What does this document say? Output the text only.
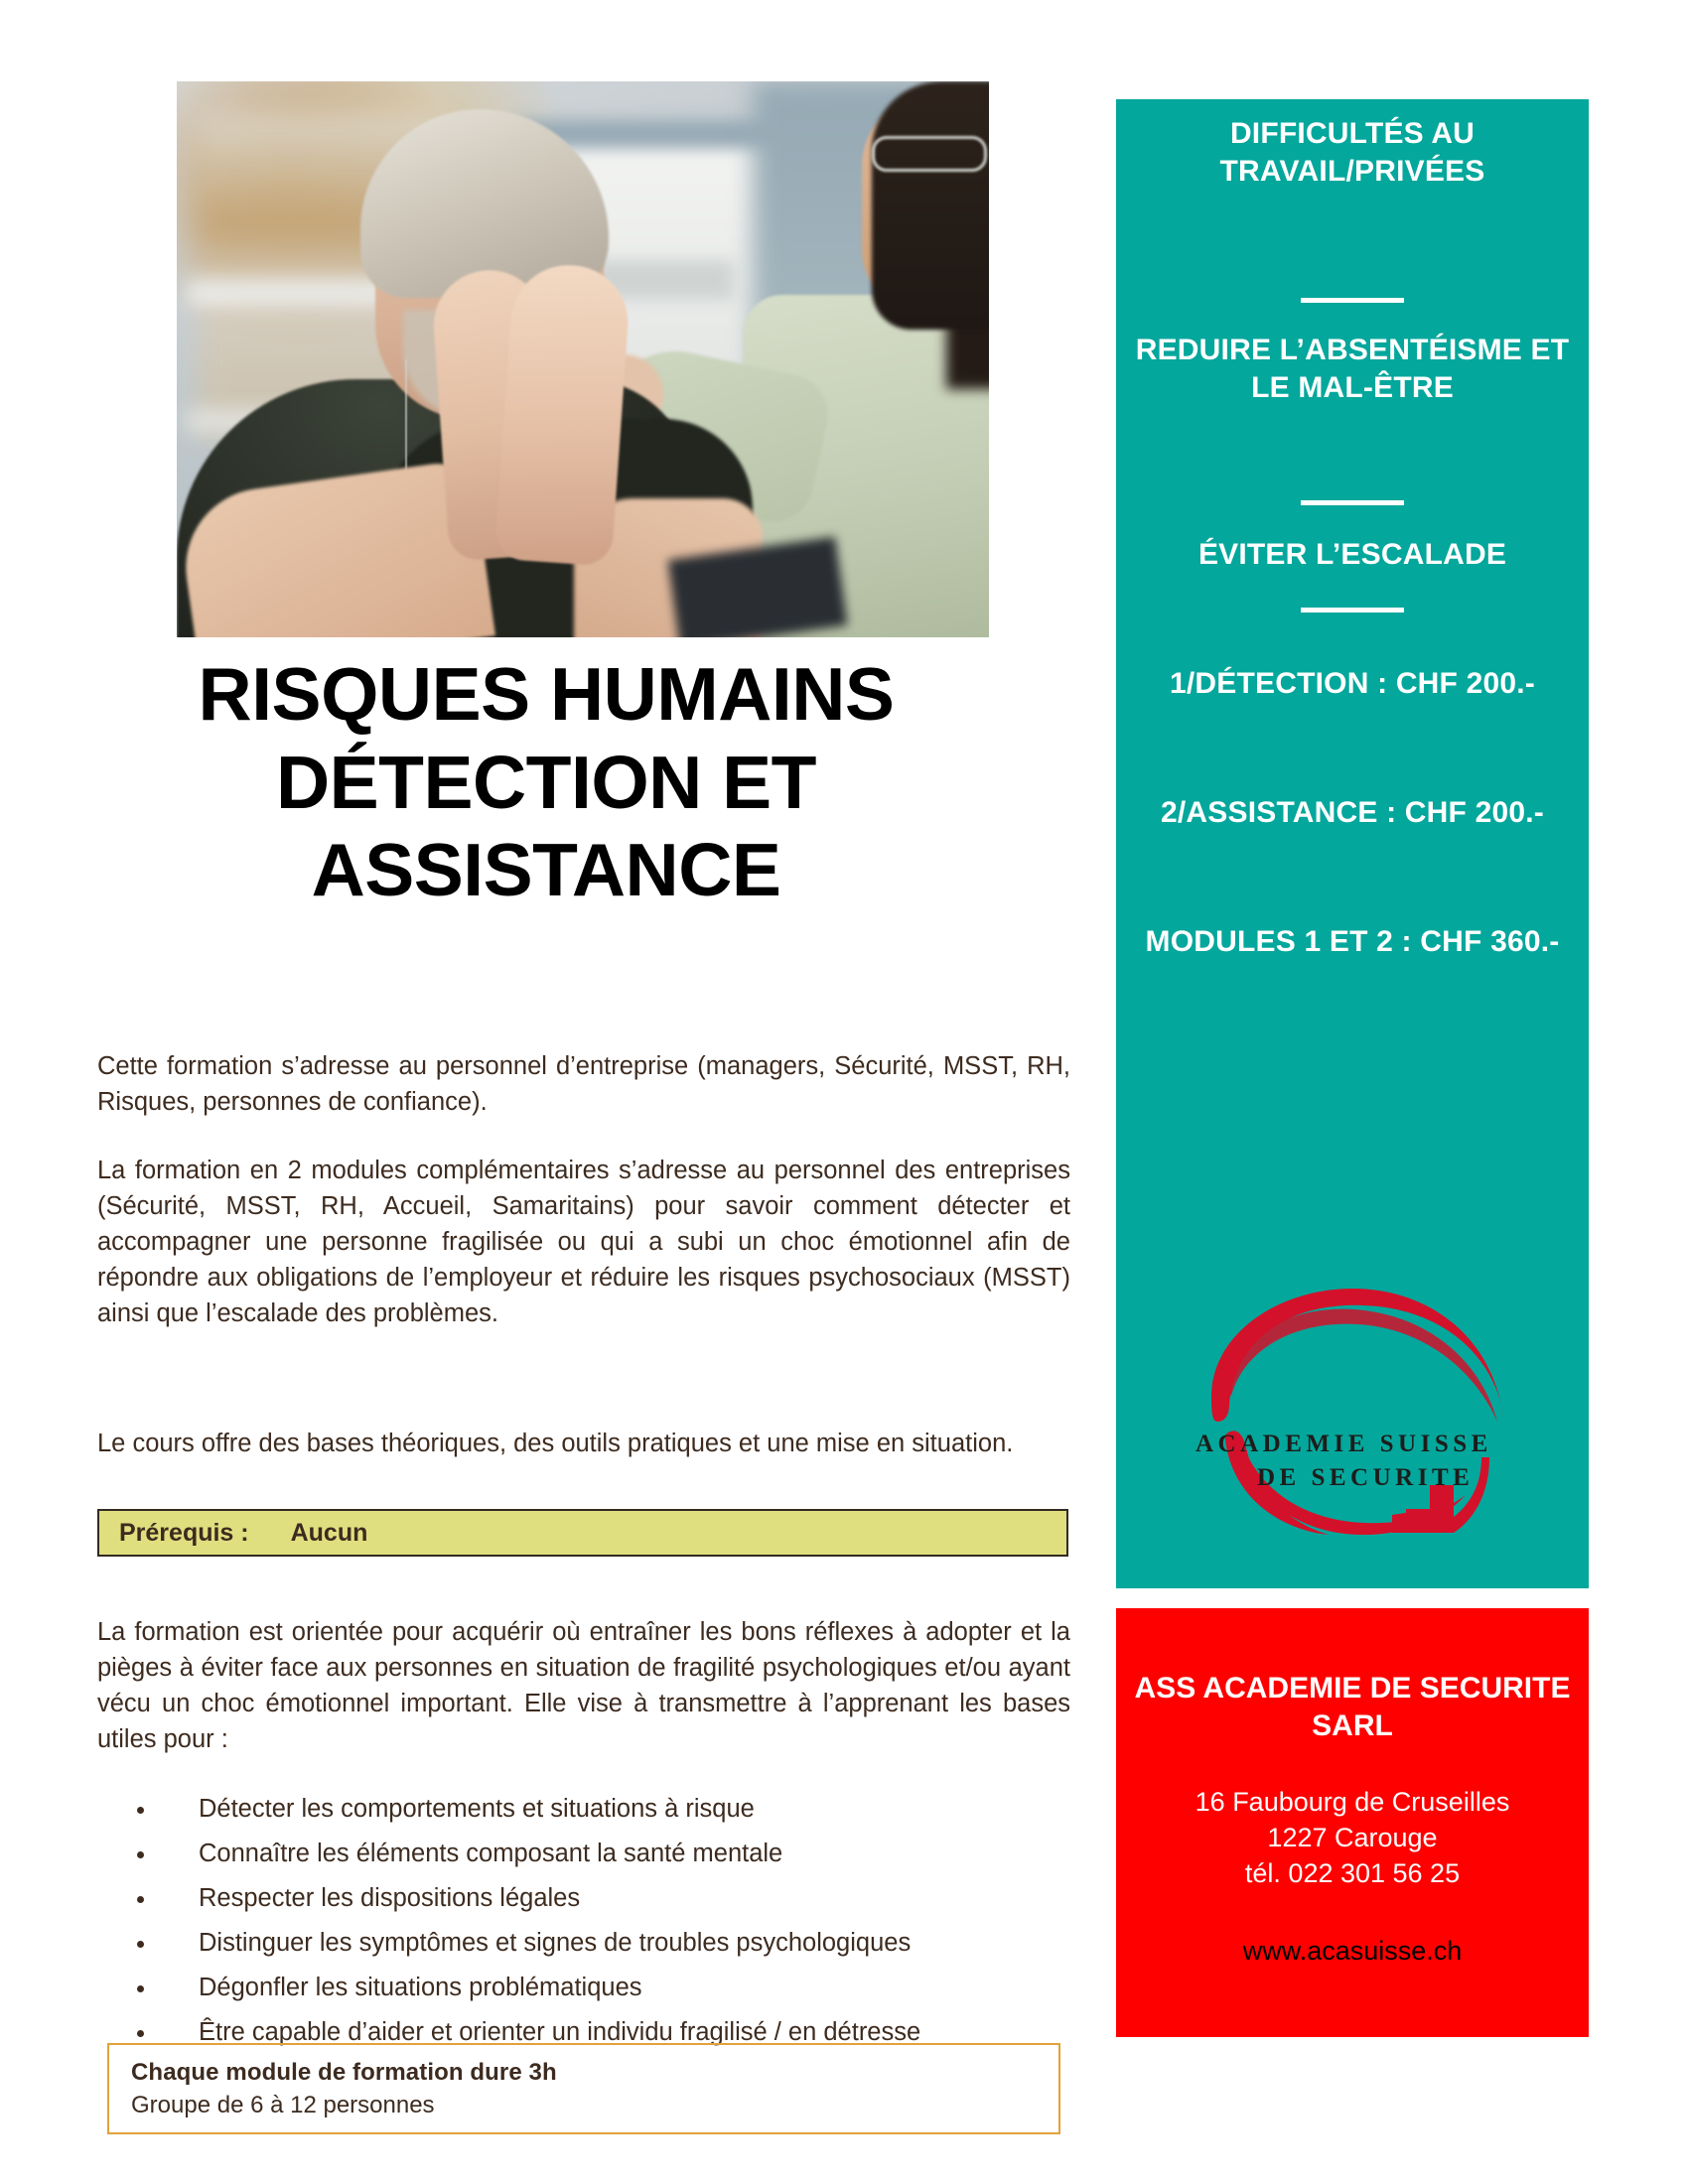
RISQUES HUMAINS
DÉTECTION ET
ASSISTANCE

Cette formation s’adresse au personnel d’entreprise (managers, Sécurité, MSST, RH, Risques, personnes de confiance).

La formation en 2 modules complémentaires s’adresse au personnel des entreprises (Sécurité, MSST, RH, Accueil, Samaritains) pour savoir comment détecter et accompagner une personne fragilisée ou qui a subi un choc émotionnel afin de répondre aux obligations de l’employeur et réduire les risques psychosociaux (MSST) ainsi que l’escalade des problèmes.

Le cours offre des bases théoriques, des outils pratiques et une mise en situation.

Prérequis : Aucun

La formation est orientée pour acquérir où entraîner les bons réflexes à adopter et la pièges à éviter face aux personnes en situation de fragilité psychologiques et/ou ayant vécu un choc émotionnel important. Elle vise à transmettre à l’apprenant les bases utiles pour :

Détecter les comportements et situations à risque
Connaître les éléments composant la santé mentale
Respecter les dispositions légales
Distinguer les symptômes et signes de troubles psychologiques
Dégonfler les situations problématiques
Être capable d’aider et orienter un individu fragilisé / en détresse
Chaque module de formation dure 3h
Groupe de 6 à 12 personnes
DIFFICULTÉS AU TRAVAIL/PRIVÉES
REDUIRE L’ABSENTÉISME ET LE MAL-ÊTRE
ÉVITER L’ESCALADE
1/DÉTECTION : CHF 200.-
2/ASSISTANCE : CHF 200.-
MODULES 1 ET 2 : CHF 360.-
ACADEMIE SUISSE
DE SECURITE
ASS ACADEMIE DE SECURITE SARL
16 Faubourg de Cruseilles
1227 Carouge
tél. 022 301 56 25
www.acasuisse.ch
